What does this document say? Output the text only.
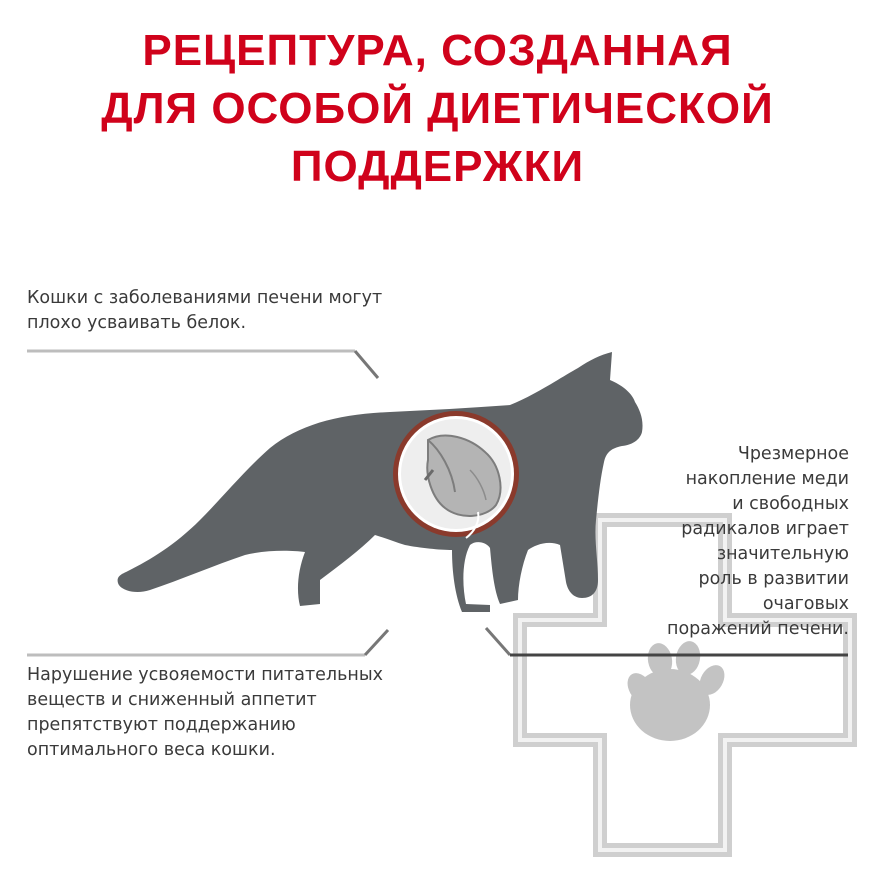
РЕЦЕПТУРА, СОЗДАННАЯ
ДЛЯ ОСОБОЙ ДИЕТИЧЕСКОЙ
ПОДДЕРЖКИ
Кошки с заболеваниями печени могут
плохо усваивать белок.
Нарушение усвояемости питательных
веществ и сниженный аппетит
препятствуют поддержанию
оптимального веса кошки.
Чрезмерное
накопление меди
и свободных
радикалов играет
значительную
роль в развитии
очаговых
поражений печени.
